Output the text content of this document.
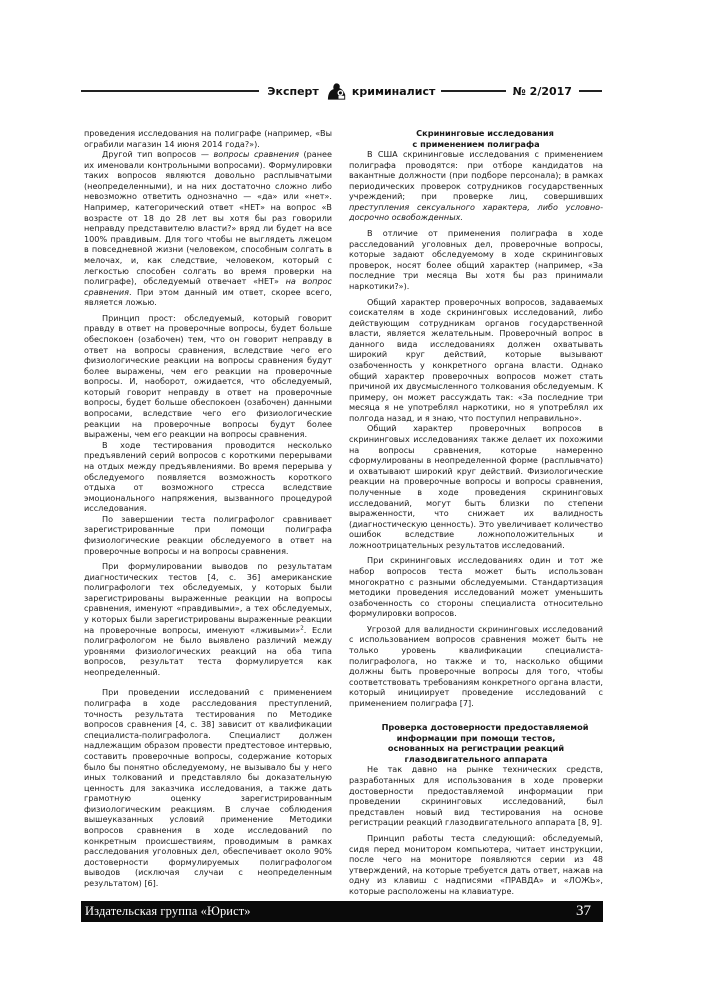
Эксперт	криминалист	№ 2/2017

проведения исследования на полиграфе (например, «Вы ограбили магазин 14 июня 2014 года?»).

Другой тип вопросов — вопросы сравнения (ранее их именовали контрольными вопросами). Формулировки таких вопросов являются довольно расплывчатыми (неопределенными), и на них достаточно сложно либо невозможно ответить однозначно — «да» или «нет». Например, категорический ответ «НЕТ» на вопрос «В возрасте от 18 до 28 лет вы хотя бы раз говорили неправду представителю власти?» вряд ли будет на все 100% правдивым. Для того чтобы не выглядеть лжецом в повседневной жизни (человеком, способным солгать в мелочах, и, как следствие, человеком, который с легкостью способен солгать во время проверки на полиграфе), обследуемый отвечает «НЕТ» на вопрос сравнения. При этом данный им ответ, скорее всего, является ложью.

Принцип прост: обследуемый, который говорит правду в ответ на проверочные вопросы, будет больше обеспокоен (озабочен) тем, что он говорит неправду в ответ на вопросы сравнения, вследствие чего его физиологические реакции на вопросы сравнения будут более выражены, чем его реакции на проверочные вопросы. И, наоборот, ожидается, что обследуемый, который говорит неправду в ответ на проверочные вопросы, будет больше обеспокоен (озабочен) данными вопросами, вследствие чего его физиологические реакции на проверочные вопросы будут более выражены, чем его реакции на вопросы сравнения.

В ходе тестирования проводится несколько предъявлений серий вопросов с короткими перерывами на отдых между предъявлениями. Во время перерыва у обследуемого появляется возможность короткого отдыха от возможного стресса вследствие эмоционального напряжения, вызванного процедурой исследования.

По завершении теста полиграфолог сравнивает зарегистрированные при помощи полиграфа физиологические реакции обследуемого в ответ на проверочные вопросы и на вопросы сравнения.

При формулировании выводов по результатам диагностических тестов [4, с. 36] американские полиграфологи тех обследуемых, у которых были зарегистрированы выраженные реакции на вопросы сравнения, именуют «правдивыми», а тех обследуемых, у которых были зарегистрированы выраженные реакции на проверочные вопросы, именуют «лживыми»$^2$. Если полиграфологом не было выявлено различий между уровнями физиологических реакций на оба типа вопросов, результат теста формулируется как неопределенный.

При проведении исследований с применением полиграфа в ходе расследования преступлений, точность результата тестирования по Методике вопросов сравнения [4, с. 38] зависит от квалификации специалиста-полиграфолога. Специалист должен надлежащим образом провести предтестовое интервью, составить проверочные вопросы, содержание которых было бы понятно обследуемому, не вызывало бы у него иных толкований и представляло бы доказательную ценность для заказчика исследования, а также дать грамотную оценку зарегистрированным физиологическим реакциям. В случае соблюдения вышеуказанных условий применение Методики вопросов сравнения в ходе исследований по конкретным происшествиям, проводимым в рамках расследования уголовных дел, обеспечивает около 90% достоверности формулируемых полиграфологом выводов (исключая случаи с неопределенным результатом) [6].

Скрининговые исследования
с применением полиграфа

В США скрининговые исследования с применением полиграфа проводятся: при отборе кандидатов на вакантные должности (при подборе персонала); в рамках периодических проверок сотрудников государственных учреждений; при проверке лиц, совершивших преступления сексуального характера, либо условно-досрочно освобожденных.

В отличие от применения полиграфа в ходе расследований уголовных дел, проверочные вопросы, которые задают обследуемому в ходе скрининговых проверок, носят более общий характер (например, «За последние три месяца Вы хотя бы раз принимали наркотики?»).

Общий характер проверочных вопросов, задаваемых соискателям в ходе скрининговых исследований, либо действующим сотрудникам органов государственной власти, является желательным. Проверочный вопрос в данного вида исследованиях должен охватывать широкий круг действий, которые вызывают озабоченность у конкретного органа власти. Однако общий характер проверочных вопросов может стать причиной их двусмысленного толкования обследуемым. К примеру, он может рассуждать так: «За последние три месяца я не употреблял наркотики, но я употреблял их полгода назад, и я знаю, что поступил неправильно».

Общий характер проверочных вопросов в скрининговых исследованиях также делает их похожими на вопросы сравнения, которые намеренно сформулированы в неопределенной форме (расплывчато) и охватывают широкий круг действий. Физиологические реакции на проверочные вопросы и вопросы сравнения, полученные в ходе проведения скрининговых исследований, могут быть близки по степени выраженности, что снижает их валидность (диагностическую ценность). Это увеличивает количество ошибок вследствие ложноположительных и ложноотрицательных результатов исследований.

При скрининговых исследованиях один и тот же набор вопросов теста может быть использован многократно с разными обследуемыми. Стандартизация методики проведения исследований может уменьшить озабоченность со стороны специалиста относительно формулировки вопросов.

Угрозой для валидности скрининговых исследований с использованием вопросов сравнения может быть не только уровень квалификации специалиста-полиграфолога, но также и то, насколько общими должны быть проверочные вопросы для того, чтобы соответствовать требованиям конкретного органа власти, который инициирует проведение исследований с применением полиграфа [7].

Проверка достоверности предоставляемой
информации при помощи тестов,
основанных на регистрации реакций
глазодвигательного аппарата

Не так давно на рынке технических средств, разработанных для использования в ходе проверки достоверности предоставляемой информации при проведении скрининговых исследований, был представлен новый вид тестирования на основе регистрации реакций глазодвигательного аппарата [8, 9].

Принцип работы теста следующий: обследуемый, сидя перед монитором компьютера, читает инструкции, после чего на мониторе появляются серии из 48 утверждений, на которые требуется дать ответ, нажав на одну из клавиш с надписями «ПРАВДА» и «ЛОЖЬ», которые расположены на клавиатуре.

Издательская группа «Юрист»	37
